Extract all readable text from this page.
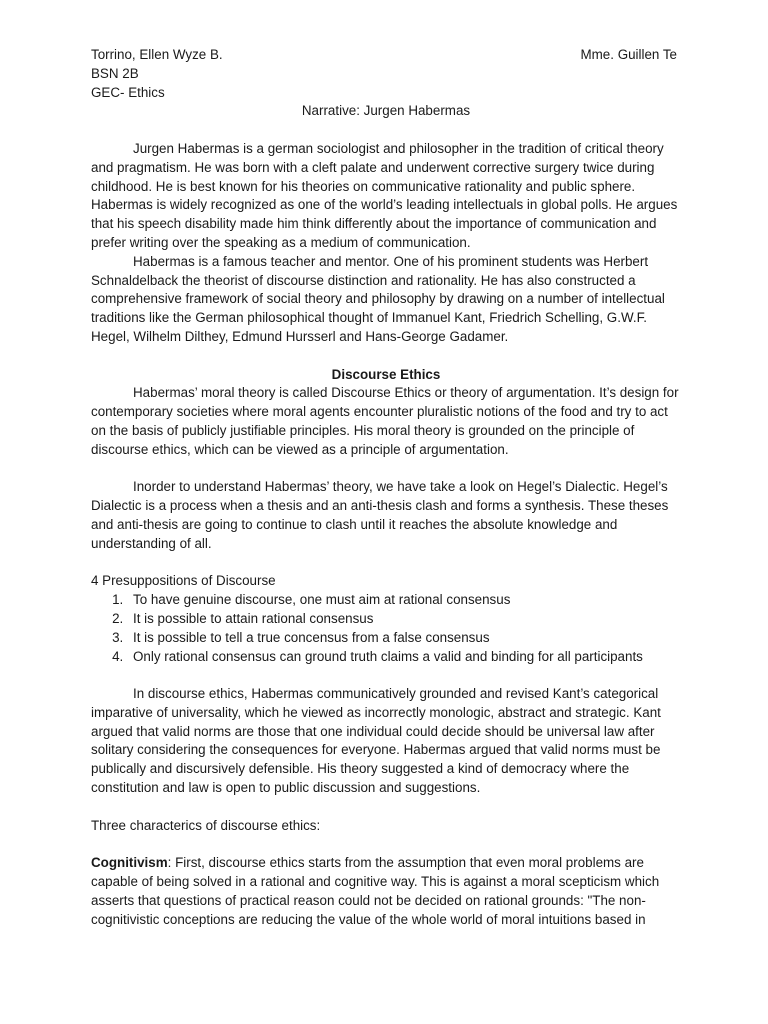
Torrino, Ellen Wyze B.	Mme. Guillen Te
BSN 2B
GEC- Ethics
Narrative: Jurgen Habermas

Jurgen Habermas is a german sociologist and philosopher in the tradition of critical theory and pragmatism. He was born with a cleft palate and underwent corrective surgery twice during childhood. He is best known for his theories on communicative rationality and public sphere. Habermas is widely recognized as one of the world’s leading intellectuals in global polls. He argues that his speech disability made him think differently about the importance of communication and prefer writing over the speaking as a medium of communication.

Habermas is a famous teacher and mentor. One of his prominent students was Herbert Schnaldelback the theorist of discourse distinction and rationality. He has also constructed a comprehensive framework of social theory and philosophy by drawing on a number of intellectual traditions like the German philosophical thought of Immanuel Kant, Friedrich Schelling, G.W.F. Hegel, Wilhelm Dilthey, Edmund Hursserl and Hans-George Gadamer.

Discourse Ethics

Habermas’ moral theory is called Discourse Ethics or theory of argumentation. It’s design for contemporary societies where moral agents encounter pluralistic notions of the food and try to act on the basis of publicly justifiable principles. His moral theory is grounded on the principle of discourse ethics, which can be viewed as a principle of argumentation.

Inorder to understand Habermas’ theory, we have take a look on Hegel’s Dialectic. Hegel’s Dialectic is a process when a thesis and an anti-thesis clash and forms a synthesis. These theses and anti-thesis are going to continue to clash until it reaches the absolute knowledge and understanding of all.

4 Presuppositions of Discourse

1. To have genuine discourse, one must aim at rational consensus
2. It is possible to attain rational consensus
3. It is possible to tell a true concensus from a false consensus
4. Only rational consensus can ground truth claims a valid and binding for all participants

In discourse ethics, Habermas communicatively grounded and revised Kant’s categorical imparative of universality, which he viewed as incorrectly monologic, abstract and strategic. Kant argued that valid norms are those that one individual could decide should be universal law after solitary considering the consequences for everyone. Habermas argued that valid norms must be publically and discursively defensible. His theory suggested a kind of democracy where the constitution and law is open to public discussion and suggestions.

Three characterics of discourse ethics:

Cognitivism: First, discourse ethics starts from the assumption that even moral problems are capable of being solved in a rational and cognitive way. This is against a moral scepticism which asserts that questions of practical reason could not be decided on rational grounds: "The non-cognitivistic conceptions are reducing the value of the whole world of moral intuitions based in
